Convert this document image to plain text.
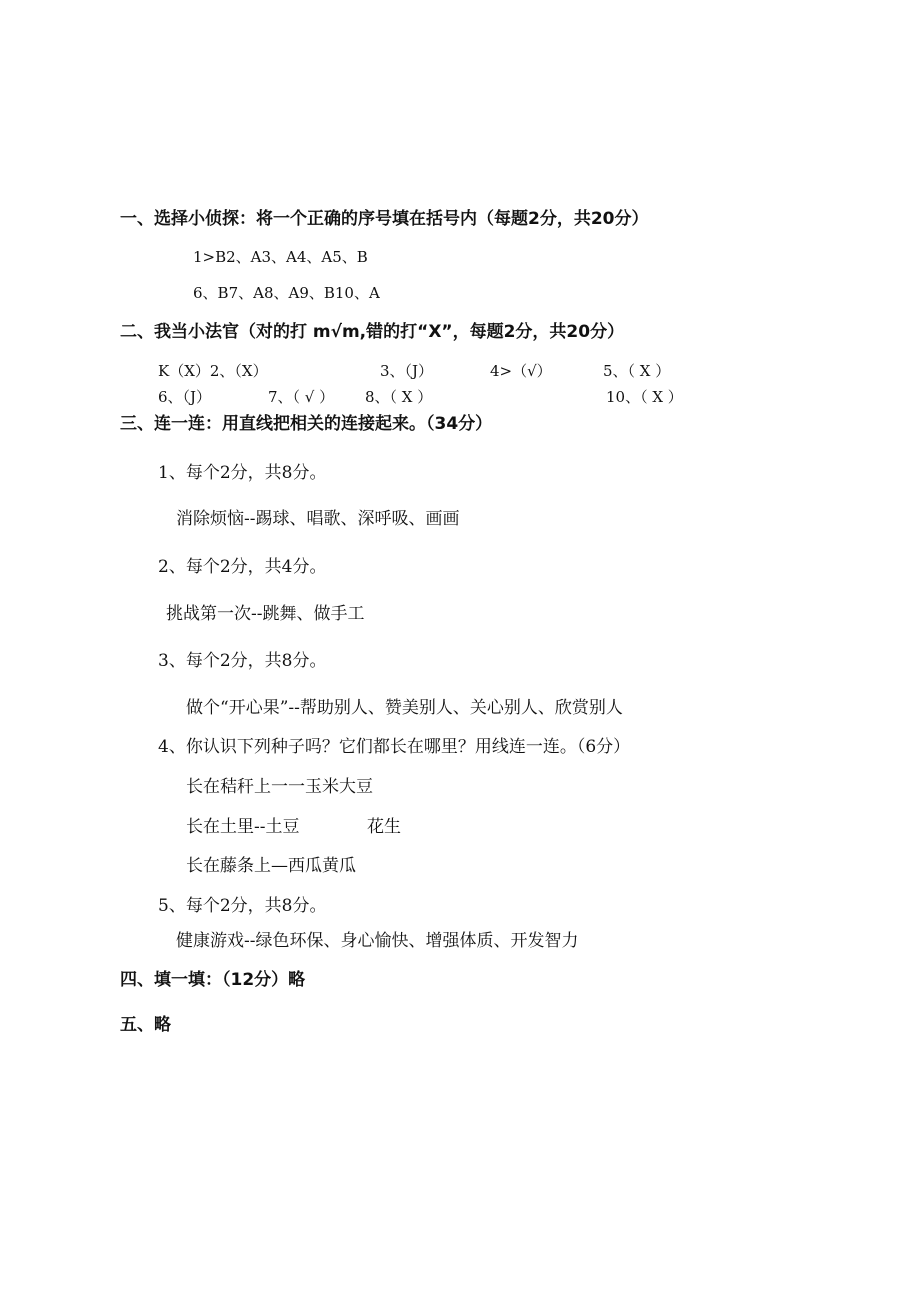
一、选择小侦探：将一个正确的序号填在括号内（每题2分，共20分）
1>B2、A3、A4、A5、B
6、B7、A8、A9、B10、A
二、我当小法官（对的打 m√m,错的打“X”，每题2分，共20分）
K（X）2、（X）	3、（J）	4>（√）	5、（ X ）
6、（J）	7、（ √ ） 8、（ X ）	10、（ X ）
三、连一连：用直线把相关的连接起来。（34分）
1、每个2分，共8分。
消除烦恼--踢球、唱歌、深呼吸、画画
2、每个2分，共4分。
挑战第一次--跳舞、做手工
3、每个2分，共8分。
做个“开心果”--帮助别人、赞美别人、关心别人、欣赏别人
4、你认识下列种子吗？它们都长在哪里？用线连一连。（6分）
长在秸秆上一一玉米大豆
长在土里--土豆	花生
长在藤条上—西瓜黄瓜
5、每个2分，共8分。
健康游戏--绿色环保、身心愉快、增强体质、开发智力
四、填一填：（12分）略
五、略
